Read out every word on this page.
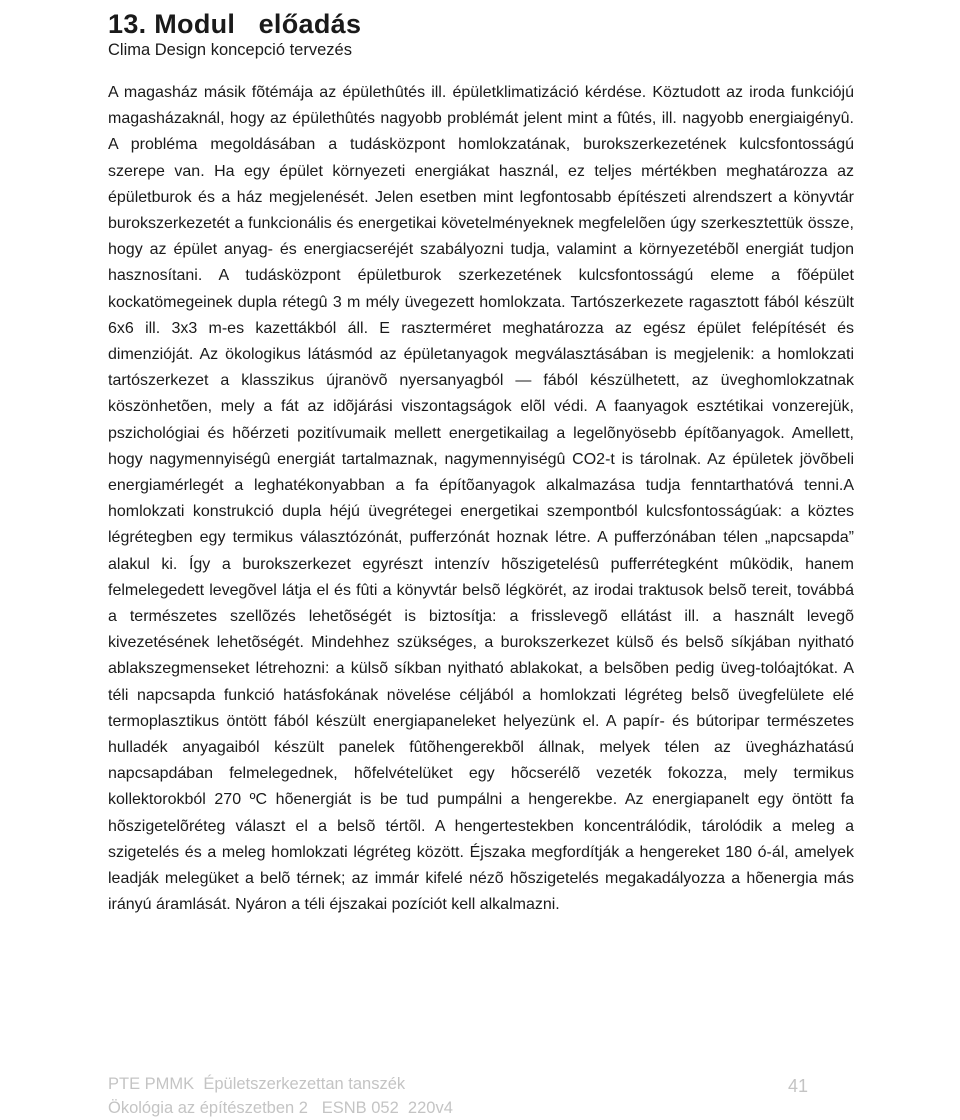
13. Modul   előadás

Clima Design koncepció tervezés

A magasház másik fõtémája az épülethûtés ill. épületklimatizáció kérdése. Köztudott az iroda funkciójú magasházaknál, hogy az épülethûtés nagyobb problémát jelent mint a fûtés, ill. nagyobb energiaigényû. A probléma megoldásában a tudásközpont homlokzatának, burokszerkezetének kulcsfontosságú szerepe van. Ha egy épület környezeti energiákat használ, ez teljes mértékben meghatározza az épületburok és a ház megjelenését. Jelen esetben mint legfontosabb építészeti alrendszert a könyvtár burokszerkezetét a funkcionális és energetikai követelményeknek megfelelõen úgy szerkesztettük össze, hogy az épület anyag- és energiacseréjét szabályozni tudja, valamint a környezetébõl energiát tudjon hasznosítani. A tudásközpont épületburok szerkezetének kulcsfontosságú eleme a fõépület kockatömegeinek dupla rétegû 3 m mély üvegezett homlokzata. Tartószerkezete ragasztott fából készült 6x6 ill. 3x3 m-es kazettákból áll. E raszterméret meghatározza az egész épület felépítését és dimenzióját. Az ökologikus látásmód az épületanyagok megválasztásában is megjelenik: a homlokzati tartószerkezet a klasszikus újranövõ nyersanyagból — fából készülhetett, az üveghomlokzatnak köszönhetõen, mely a fát az idõjárási viszontagságok elõl védi. A faanyagok esztétikai vonzerejük, pszichológiai és hõérzeti pozitívumaik mellett energetikailag a legelõnyösebb építõanyagok. Amellett, hogy nagymennyiségû energiát tartalmaznak, nagymennyiségû CO2-t is tárolnak. Az épületek jövõbeli energiamérlegét a leghatékonyabban a fa építõanyagok alkalmazása tudja fenntarthatóvá tenni.A homlokzati konstrukció dupla héjú üvegrétegei energetikai szempontból kulcsfontosságúak: a köztes légrétegben egy termikus választózónát, pufferzónát hoznak létre. A pufferzónában télen „napcsapda” alakul ki. Így a burokszerkezet egyrészt intenzív hõszigetelésû pufferrétegként mûködik, hanem felmelegedett levegõvel látja el és fûti a könyvtár belsõ légkörét, az irodai traktusok belsõ tereit, továbbá a természetes szellõzés lehetõségét is biztosítja: a frisslevegõ ellátást ill. a használt levegõ kivezetésének lehetõségét. Mindehhez szükséges, a burokszerkezet külsõ és belsõ síkjában nyitható ablakszegmenseket létrehozni: a külsõ síkban nyitható ablakokat, a belsõben pedig üveg-tolóajtókat. A téli napcsapda funkció hatásfokának növelése céljából a homlokzati légréteg belsõ üvegfelülete elé termoplasztikus öntött fából készült energiapaneleket helyezünk el. A papír- és bútoripar természetes hulladék anyagaiból készült panelek fûtõhengerekbõl állnak, melyek télen az üvegházhatású napcsapdában felmelegednek, hõfelvételüket egy hõcserélõ vezeték fokozza, mely termikus kollektorokból 270 ºC hõenergiát is be tud pumpálni a hengerekbe. Az energiapanelt egy öntött fa hõszigetelõréteg választ el a belsõ tértõl. A hengertestekben koncentrálódik, tárolódik a meleg a szigetelés és a meleg homlokzati légréteg között. Éjszaka megfordítják a hengereket 180 ó-ál, amelyek leadják melegüket a belõ térnek; az immár kifelé nézõ hõszigetelés megakadályozza a hõenergia más irányú áramlását. Nyáron a téli éjszakai pozíciót kell alkalmazni.

PTE PMMK  Épületszerkezettan tanszék
Ökológia az építészetben 2   ESNB 052  220v4
41
